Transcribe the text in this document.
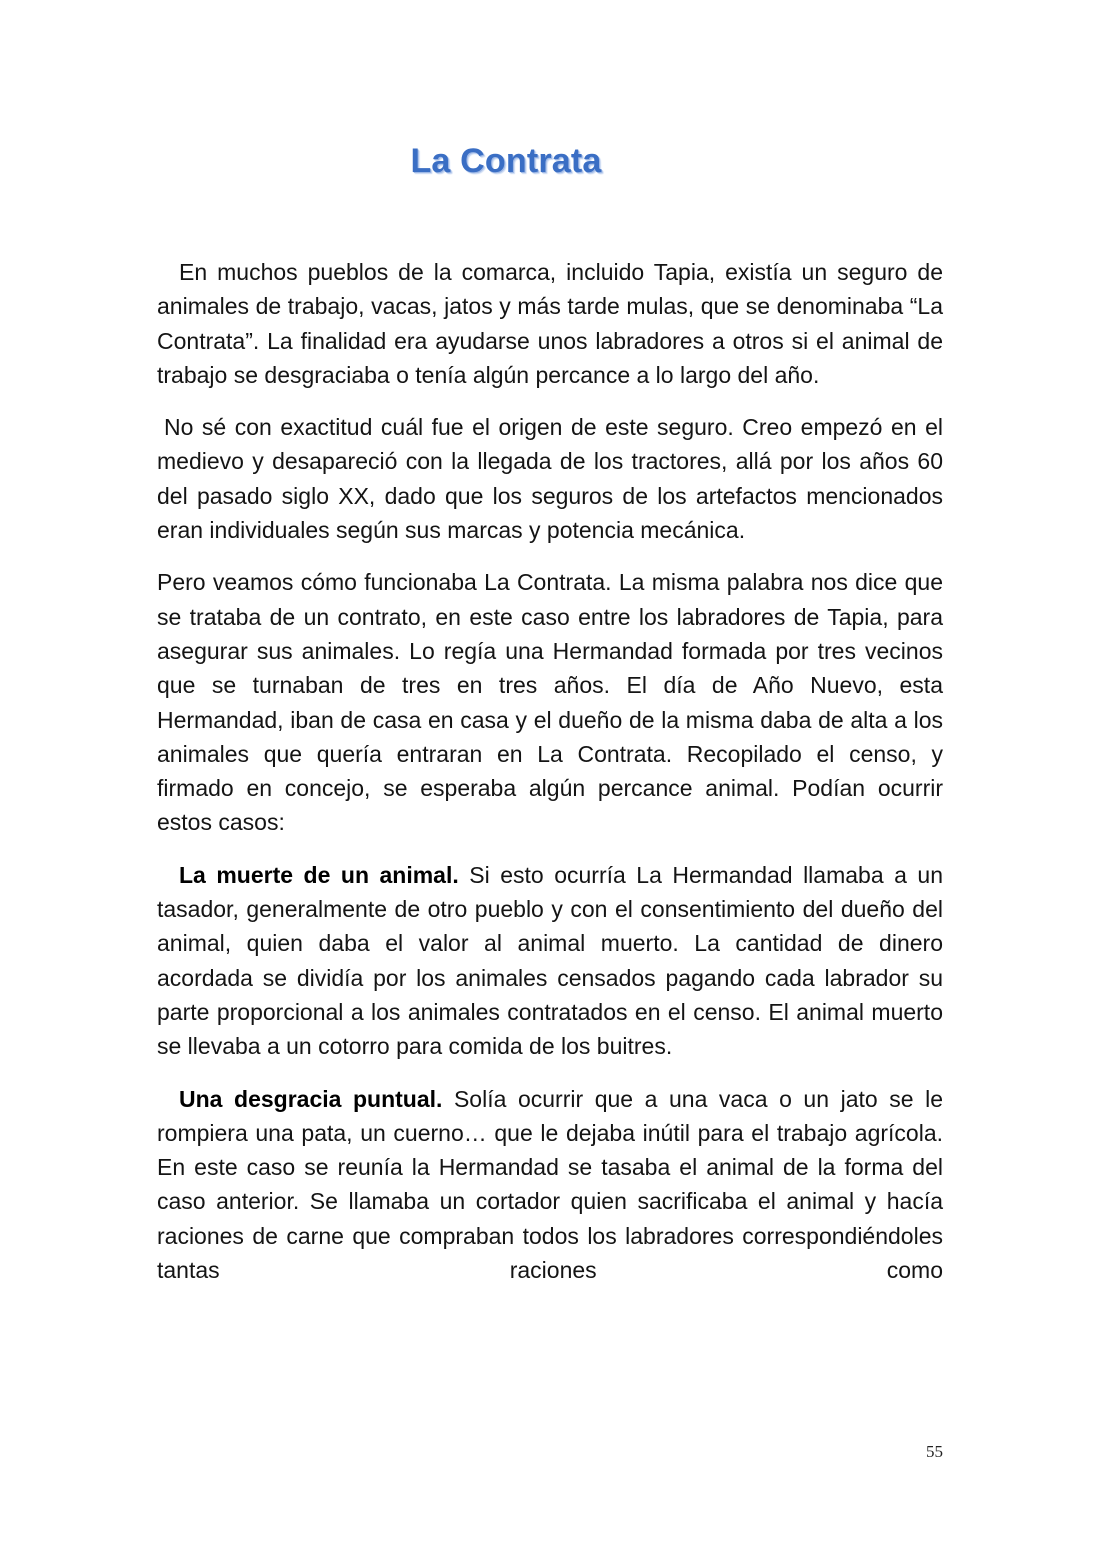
La Contrata

En muchos pueblos de la comarca, incluido Tapia, existía un seguro de animales de trabajo, vacas, jatos y más tarde mulas, que se denominaba “La Contrata”. La finalidad era ayudarse unos labradores a otros si el animal de trabajo se desgraciaba o tenía algún percance a lo largo del año.

No sé con exactitud cuál fue el origen de este seguro. Creo empezó en el medievo y desapareció con la llegada de los tractores, allá por los años 60 del pasado siglo XX, dado que los seguros de los artefactos mencionados eran individuales según sus marcas y potencia mecánica.

Pero veamos cómo funcionaba La Contrata. La misma palabra nos dice que se trataba de un contrato, en este caso entre los labradores de Tapia, para asegurar sus animales. Lo regía una Hermandad formada por tres vecinos que se turnaban de tres en tres años. El día de Año Nuevo, esta Hermandad, iban de casa en casa y el dueño de la misma daba de alta a los animales que quería entraran en La Contrata. Recopilado el censo, y firmado en concejo, se esperaba algún percance animal. Podían ocurrir estos casos:

La muerte de un animal. Si esto ocurría La Hermandad llamaba a un tasador, generalmente de otro pueblo y con el consentimiento del dueño del animal, quien daba el valor al animal muerto. La cantidad de dinero acordada se dividía por los animales censados pagando cada labrador su parte proporcional a los animales contratados en el censo. El animal muerto se llevaba a un cotorro para comida de los buitres.

Una desgracia puntual. Solía ocurrir que a una vaca o un jato se le rompiera una pata, un cuerno… que le dejaba inútil para el trabajo agrícola. En este caso se reunía la Hermandad se tasaba el animal de la forma del caso anterior. Se llamaba un cortador quien sacrificaba el animal y hacía raciones de carne que compraban todos los labradores correspondiéndoles tantas raciones como

55
